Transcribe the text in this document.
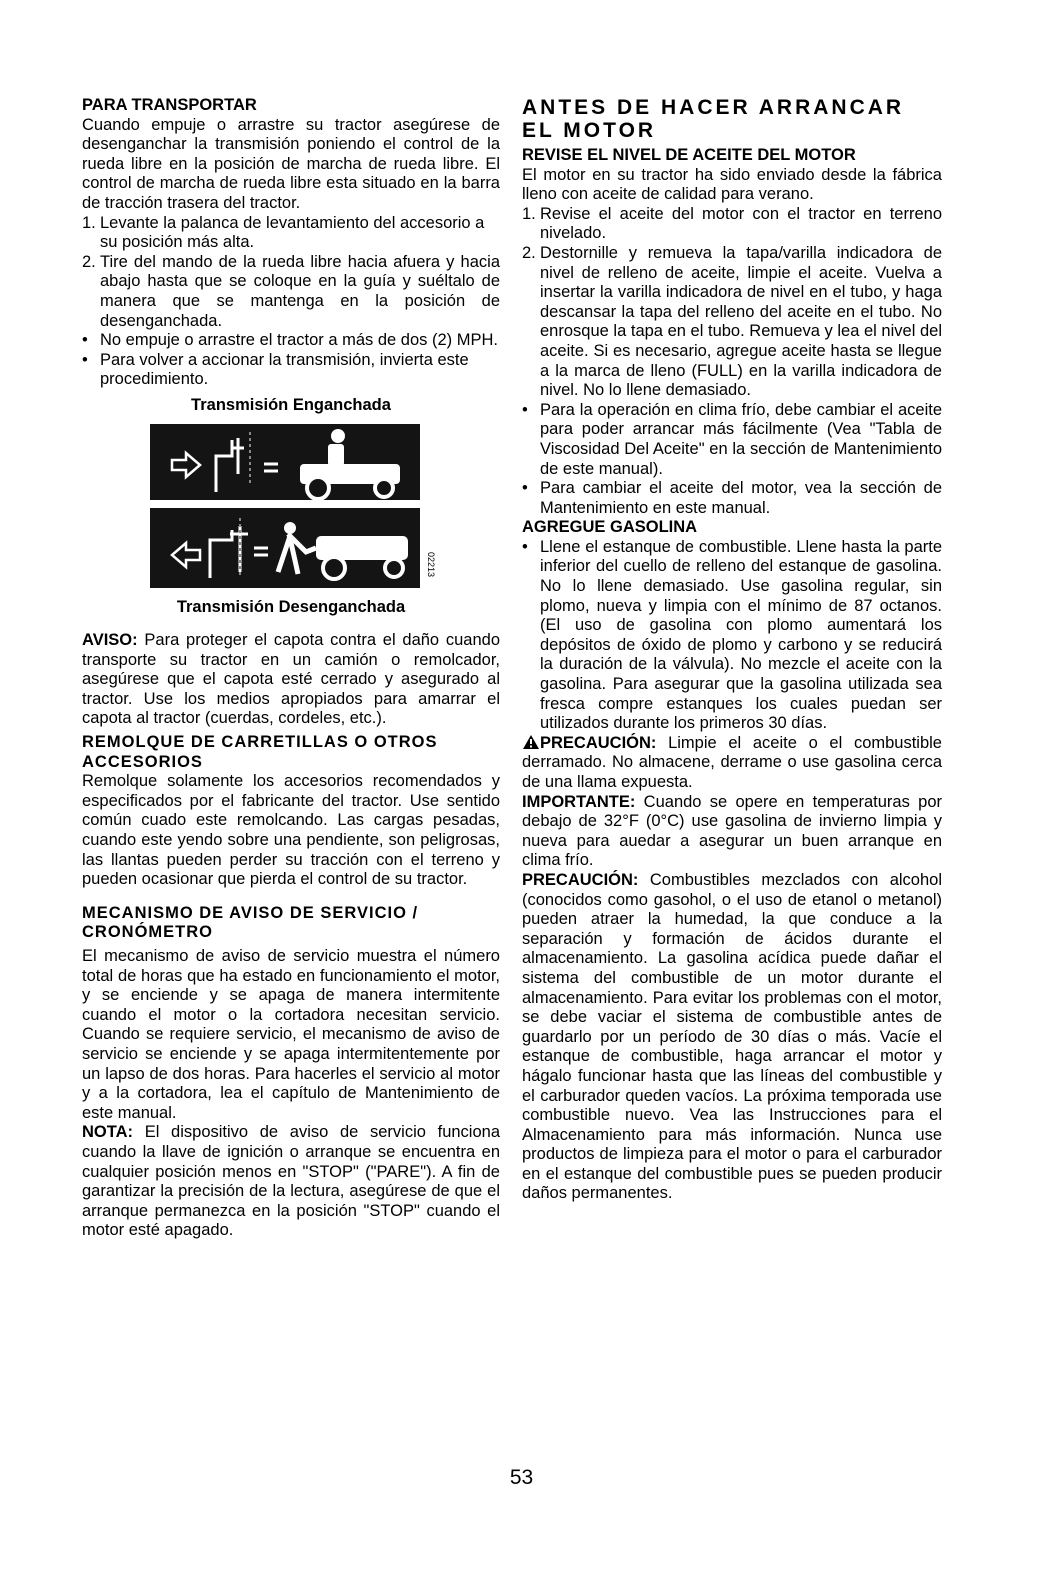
PARA TRANSPORTAR

Cuando empuje o arrastre su tractor asegúrese de desenganchar la transmisión poniendo el control de la rueda libre en la posición de marcha de rueda libre. El control de marcha de rueda libre esta situado en la barra de tracción trasera del tractor.

1. Levante la palanca de levantamiento del accesorio a su posición más alta.
2. Tire del mando de la rueda libre hacia afuera y hacia abajo hasta que se coloque en la guía y suéltalo de manera que se mantenga en la posición de desenganchada.
• No empuje o arrastre el tractor a más de dos (2) MPH.
• Para volver a accionar la transmisión, invierta este procedimiento.
Transmisión Enganchada
02213
Transmisión Desenganchada

AVISO: Para proteger el capota contra el daño cuando transporte su tractor en un camión o remolcador, asegúrese que el capota esté cerrado y asegurado al tractor. Use los medios apropiados para amarrar el capota al tractor (cuerdas, cordeles, etc.).

REMOLQUE DE CARRETILLAS O OTROS ACCESORIOS

Remolque solamente los accesorios recomendados y especificados por el fabricante del tractor. Use sentido común cuado este remolcando. Las cargas pesadas, cuando este yendo sobre una pendiente, son peligrosas, las llantas pueden perder su tracción con el terreno y pueden ocasionar que pierda el control de su tractor.

MECANISMO DE AVISO DE SERVICIO / CRONÓMETRO

El mecanismo de aviso de servicio muestra el número total de horas que ha estado en funcionamiento el motor, y se enciende y se apaga de manera intermitente cuando el motor o la cortadora necesitan servicio. Cuando se requiere servicio, el mecanismo de aviso de servicio se enciende y se apaga intermitentemente por un lapso de dos horas. Para hacerles el servicio al motor y a la cortadora, lea el capítulo de Mantenimiento de este manual.

NOTA: El dispositivo de aviso de servicio funciona cuando la llave de ignición o arranque se encuentra en cualquier posición menos en "STOP" ("PARE"). A fin de garantizar la precisión de la lectura, asegúrese de que el arranque permanezca en la posición "STOP" cuando el motor esté apagado.

ANTES DE HACER ARRANCAR EL MOTOR
REVISE EL NIVEL DE ACEITE DEL MOTOR

El motor en su tractor ha sido enviado desde la fábrica lleno con aceite de calidad para verano.

1. Revise el aceite del motor con el tractor en terreno nivelado.
2. Destornille y remueva la tapa/varilla indicadora de nivel de relleno de aceite, limpie el aceite. Vuelva a insertar la varilla indicadora de nivel en el tubo, y haga descansar la tapa del relleno del aceite en el tubo. No enrosque la tapa en el tubo. Remueva y lea el nivel del aceite. Si es necesario, agregue aceite hasta se llegue a la marca de lleno (FULL) en la varilla indicadora de nivel. No lo llene demasiado.
• Para la operación en clima frío, debe cambiar el aceite para poder arrancar más fácilmente (Vea "Tabla de Viscosidad Del Aceite" en la sección de Mantenimiento de este manual).
• Para cambiar el aceite del motor, vea la sección de Mantenimiento en este manual.
AGREGUE GASOLINA
• Llene el estanque de combustible. Llene hasta la parte inferior del cuello de relleno del estanque de gasolina. No lo llene demasiado. Use gasolina regular, sin plomo, nueva y limpia con el mínimo de 87 octanos. (El uso de gasolina con plomo aumentará los depósitos de óxido de plomo y carbono y se reducirá la duración de la válvula). No mezcle el aceite con la gasolina. Para asegurar que la gasolina utilizada sea fresca compre estanques los cuales puedan ser utilizados durante los primeros 30 días.

PRECAUCIÓN: Limpie el aceite o el combustible derramado. No almacene, derrame o use gasolina cerca de una llama expuesta.

IMPORTANTE: Cuando se opere en temperaturas por debajo de 32°F (0°C) use gasolina de invierno limpia y nueva para auedar a asegurar un buen arranque en clima frío.

PRECAUCIÓN: Combustibles mezclados con alcohol (conocidos como gasohol, o el uso de etanol o metanol) pueden atraer la humedad, la que conduce a la separación y formación de ácidos durante el almacenamiento. La gasolina acídica puede dañar el sistema del combustible de un motor durante el almacenamiento. Para evitar los problemas con el motor, se debe vaciar el sistema de combustible antes de guardarlo por un período de 30 días o más. Vacíe el estanque de combustible, haga arrancar el motor y hágalo funcionar hasta que las líneas del combustible y el carburador queden vacíos. La próxima temporada use combustible nuevo. Vea las Instrucciones para el Almacenamiento para más información. Nunca use productos de limpieza para el motor o para el carburador en el estanque del combustible pues se pueden producir daños permanentes.

53
